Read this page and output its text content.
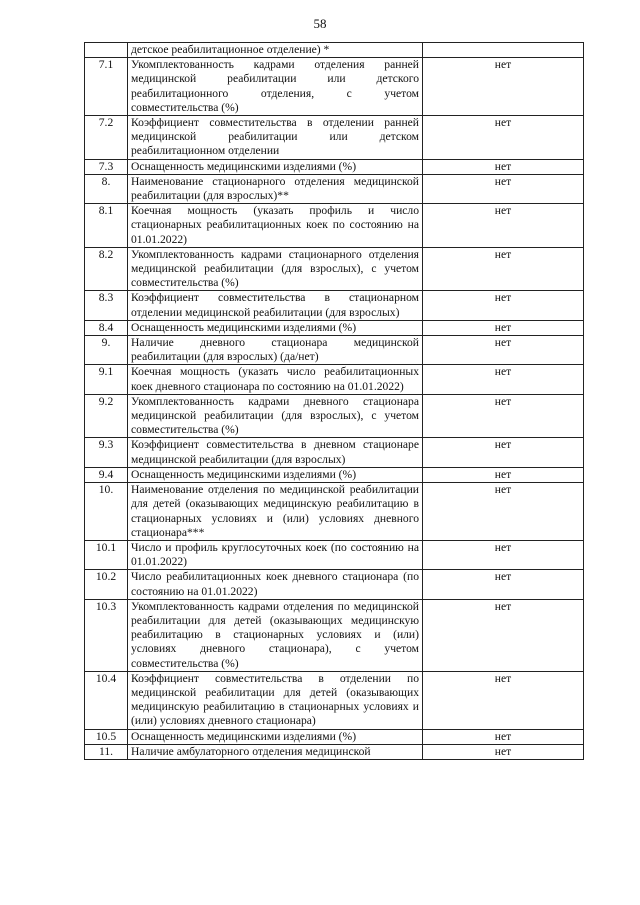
58
	детское реабилитационное отделение) *	
7.1	Укомплектованность кадрами отделения ранней медицинской реабилитации или детского реабилитационного отделения, с учетом совместительства (%)	нет
7.2	Коэффициент совместительства в отделении ранней медицинской реабилитации или детском реабилитационном отделении	нет
7.3	Оснащенность медицинскими изделиями (%)	нет
8.	Наименование стационарного отделения медицинской реабилитации (для взрослых)**	нет
8.1	Коечная мощность (указать профиль и число стационарных реабилитационных коек по состоянию на 01.01.2022)	нет
8.2	Укомплектованность кадрами стационарного отделения медицинской реабилитации (для взрослых), с учетом совместительства (%)	нет
8.3	Коэффициент совместительства в стационарном отделении медицинской реабилитации (для взрослых)	нет
8.4	Оснащенность медицинскими изделиями (%)	нет
9.	Наличие дневного стационара медицинской реабилитации (для взрослых) (да/нет)	нет
9.1	Коечная мощность (указать число реабилитационных коек дневного стационара по состоянию на 01.01.2022)	нет
9.2	Укомплектованность кадрами дневного стационара медицинской реабилитации (для взрослых), с учетом совместительства (%)	нет
9.3	Коэффициент совместительства в дневном стационаре медицинской реабилитации (для взрослых)	нет
9.4	Оснащенность медицинскими изделиями (%)	нет
10.	Наименование отделения по медицинской реабилитации для детей (оказывающих медицинскую реабилитацию в стационарных условиях и (или) условиях дневного стационара***	нет
10.1	Число и профиль круглосуточных коек (по состоянию на 01.01.2022)	нет
10.2	Число реабилитационных коек дневного стационара (по состоянию на 01.01.2022)	нет
10.3	Укомплектованность кадрами отделения по медицинской реабилитации для детей (оказывающих медицинскую реабилитацию в стационарных условиях и (или) условиях дневного стационара), с учетом совместительства (%)	нет
10.4	Коэффициент совместительства в отделении по медицинской реабилитации для детей (оказывающих медицинскую реабилитацию в стационарных условиях и (или) условиях дневного стационара)	нет
10.5	Оснащенность медицинскими изделиями (%)	нет
11.	Наличие амбулаторного отделения медицинской	нет
